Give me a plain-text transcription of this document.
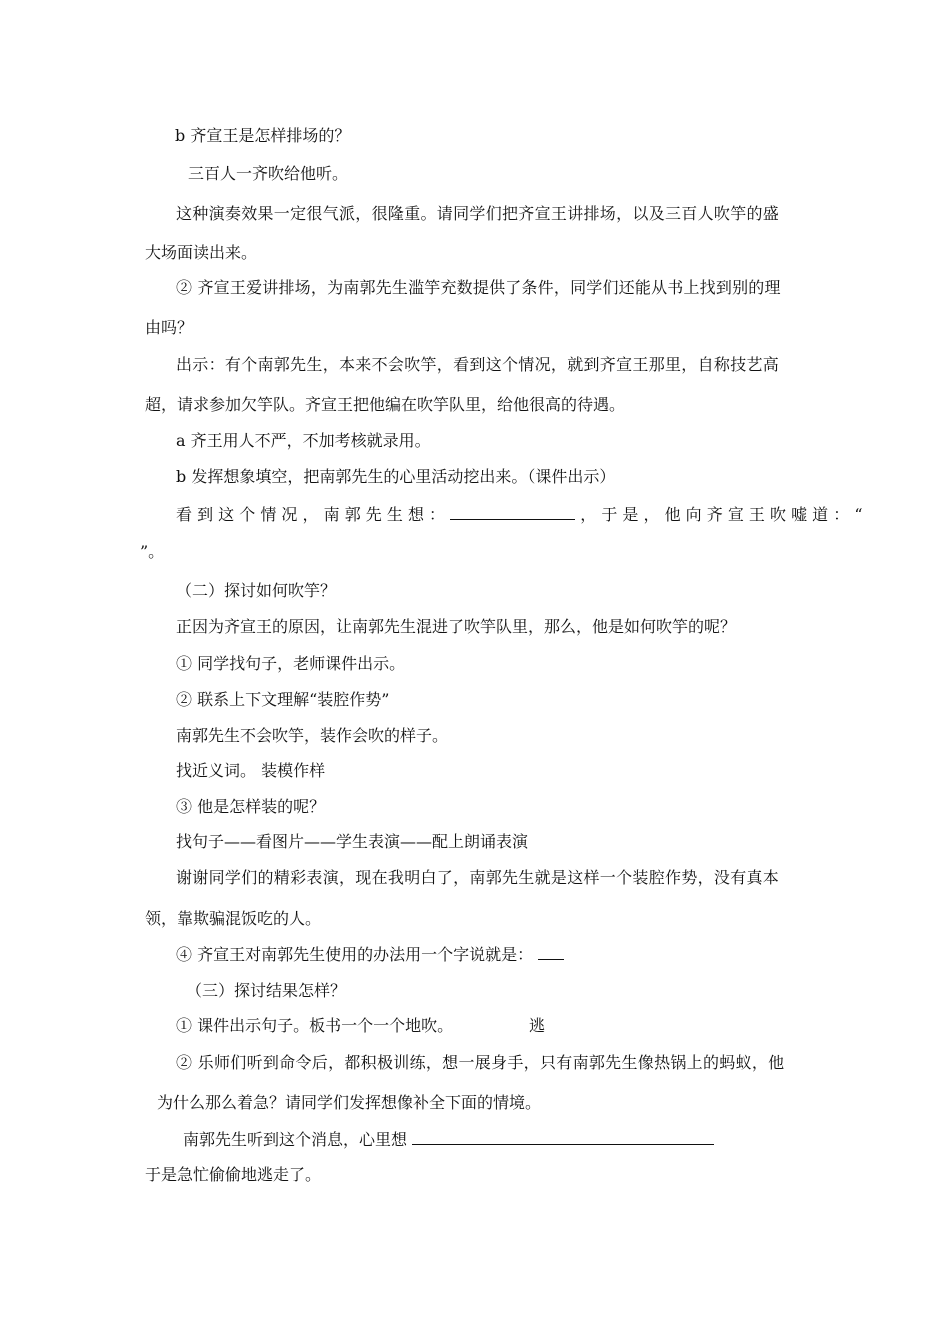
b 齐宣王是怎样排场的？
三百人一齐吹给他听。
这种演奏效果一定很气派，很隆重。请同学们把齐宣王讲排场，以及三百人吹竽的盛
大场面读出来。
② 齐宣王爱讲排场，为南郭先生滥竽充数提供了条件，同学们还能从书上找到别的理
由吗？
出示：有个南郭先生，本来不会吹竽，看到这个情况，就到齐宣王那里，自称技艺高
超，请求参加欠竽队。齐宣王把他编在吹竽队里，给他很高的待遇。
a 齐王用人不严，不加考核就录用。
b 发挥想象填空，把南郭先生的心里活动挖出来。（课件出示）
看 到 这 个 情 况 ， 南 郭 先 生 想 ：	， 于 是 ， 他 向 齐 宣 王 吹 嘘 道 ： “
”。
（二）探讨如何吹竽？
正因为齐宣王的原因，让南郭先生混进了吹竽队里，那么，他是如何吹竽的呢？
① 同学找句子，老师课件出示。
② 联系上下文理解“装腔作势”
南郭先生不会吹竽，装作会吹的样子。
找近义词。 装模作样
③ 他是怎样装的呢？
找句子——看图片——学生表演——配上朗诵表演
谢谢同学们的精彩表演，现在我明白了，南郭先生就是这样一个装腔作势，没有真本
领，靠欺骗混饭吃的人。
④ 齐宣王对南郭先生使用的办法用一个字说就是：
（三）探讨结果怎样？
① 课件出示句子。板书一个一个地吹。	逃
② 乐师们听到命令后，都积极训练，想一展身手，只有南郭先生像热锅上的蚂蚁，他
为什么那么着急？请同学们发挥想像补全下面的情境。
南郭先生听到这个消息，心里想
于是急忙偷偷地逃走了。
